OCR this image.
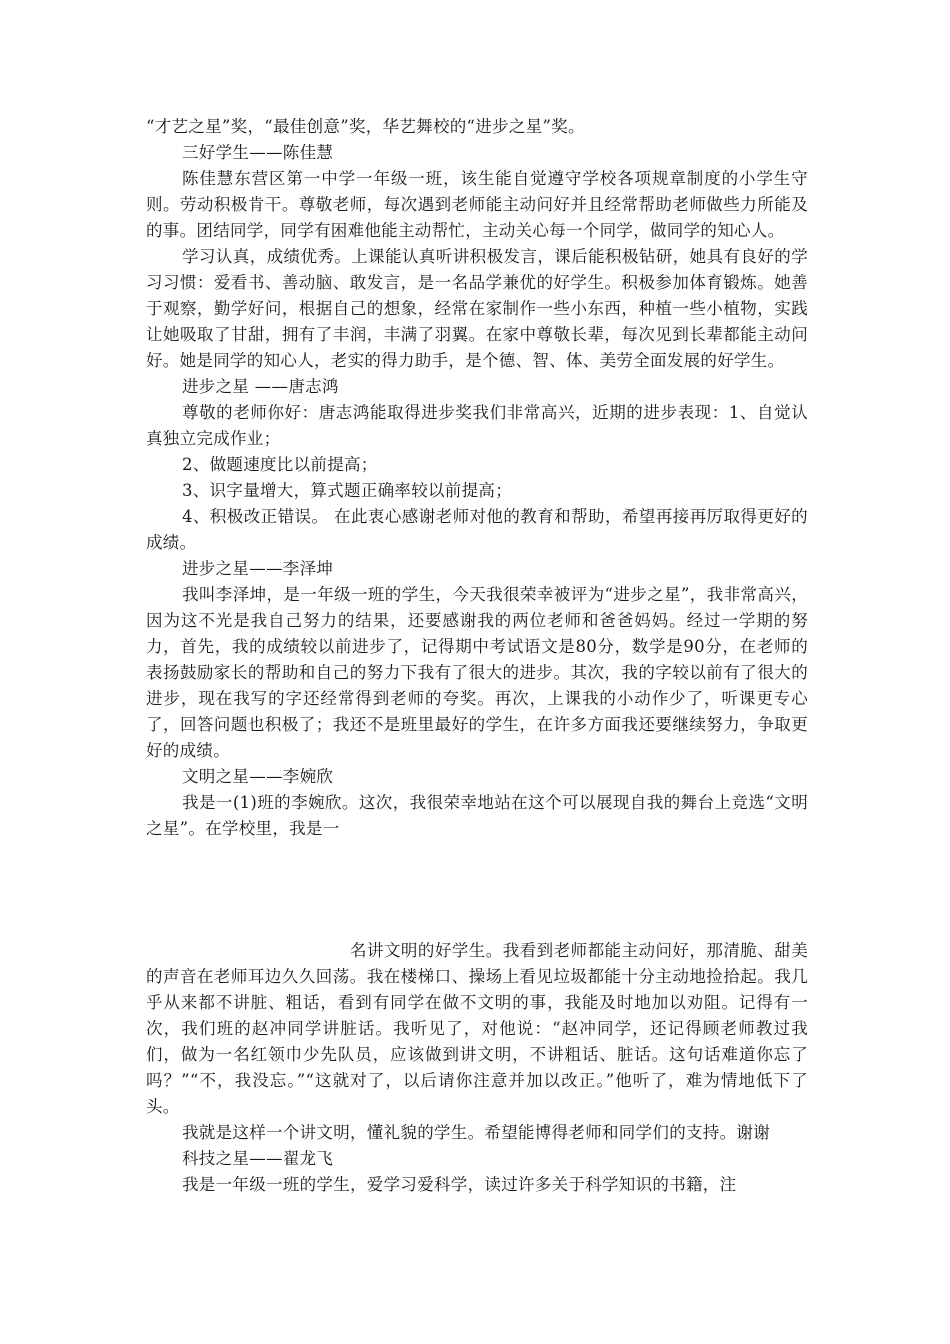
“才艺之星”奖，“最佳创意”奖，华艺舞校的“进步之星”奖。

三好学生——陈佳慧

陈佳慧东营区第一中学一年级一班，该生能自觉遵守学校各项规章制度的小学生守则。劳动积极肯干。尊敬老师，每次遇到老师能主动问好并且经常帮助老师做些力所能及的事。团结同学，同学有困难他能主动帮忙，主动关心每一个同学，做同学的知心人。

学习认真，成绩优秀。上课能认真听讲积极发言，课后能积极钻研，她具有良好的学习习惯：爱看书、善动脑、敢发言，是一名品学兼优的好学生。积极参加体育锻炼。她善于观察，勤学好问，根据自己的想象，经常在家制作一些小东西，种植一些小植物，实践让她吸取了甘甜，拥有了丰润，丰满了羽翼。在家中尊敬长辈，每次见到长辈都能主动问好。她是同学的知心人，老实的得力助手，是个德、智、体、美劳全面发展的好学生。

进步之星 ——唐志鸿

尊敬的老师你好：唐志鸿能取得进步奖我们非常高兴，近期的进步表现：1、自觉认真独立完成作业；

2、做题速度比以前提高；

3、识字量增大，算式题正确率较以前提高；

4、积极改正错误。 在此衷心感谢老师对他的教育和帮助，希望再接再厉取得更好的成绩。

进步之星——李泽坤

我叫李泽坤，是一年级一班的学生，今天我很荣幸被评为“进步之星”，我非常高兴，因为这不光是我自己努力的结果，还要感谢我的两位老师和爸爸妈妈。经过一学期的努力，首先，我的成绩较以前进步了，记得期中考试语文是80分，数学是90分，在老师的表扬鼓励家长的帮助和自己的努力下我有了很大的进步。其次，我的字较以前有了很大的进步，现在我写的字还经常得到老师的夸奖。再次，上课我的小动作少了，听课更专心了，回答问题也积极了；我还不是班里最好的学生，在许多方面我还要继续努力，争取更好的成绩。

文明之星——李婉欣

我是一(1)班的李婉欣。这次，我很荣幸地站在这个可以展现自我的舞台上竞选“文明之星”。在学校里，我是一

名讲文明的好学生。我看到老师都能主动问好，那清脆、甜美的声音在老师耳边久久回荡。我在楼梯口、操场上看见垃圾都能十分主动地捡拾起。我几乎从来都不讲脏、粗话，看到有同学在做不文明的事，我能及时地加以劝阻。记得有一次，我们班的赵冲同学讲脏话。我听见了，对他说：“赵冲同学，还记得顾老师教过我们，做为一名红领巾少先队员，应该做到讲文明，不讲粗话、脏话。这句话难道你忘了吗？”“不，我没忘。”“这就对了，以后请你注意并加以改正。”他听了，难为情地低下了头。

我就是这样一个讲文明，懂礼貌的学生。希望能博得老师和同学们的支持。谢谢

科技之星——翟龙飞

我是一年级一班的学生，爱学习爱科学，读过许多关于科学知识的书籍，注
